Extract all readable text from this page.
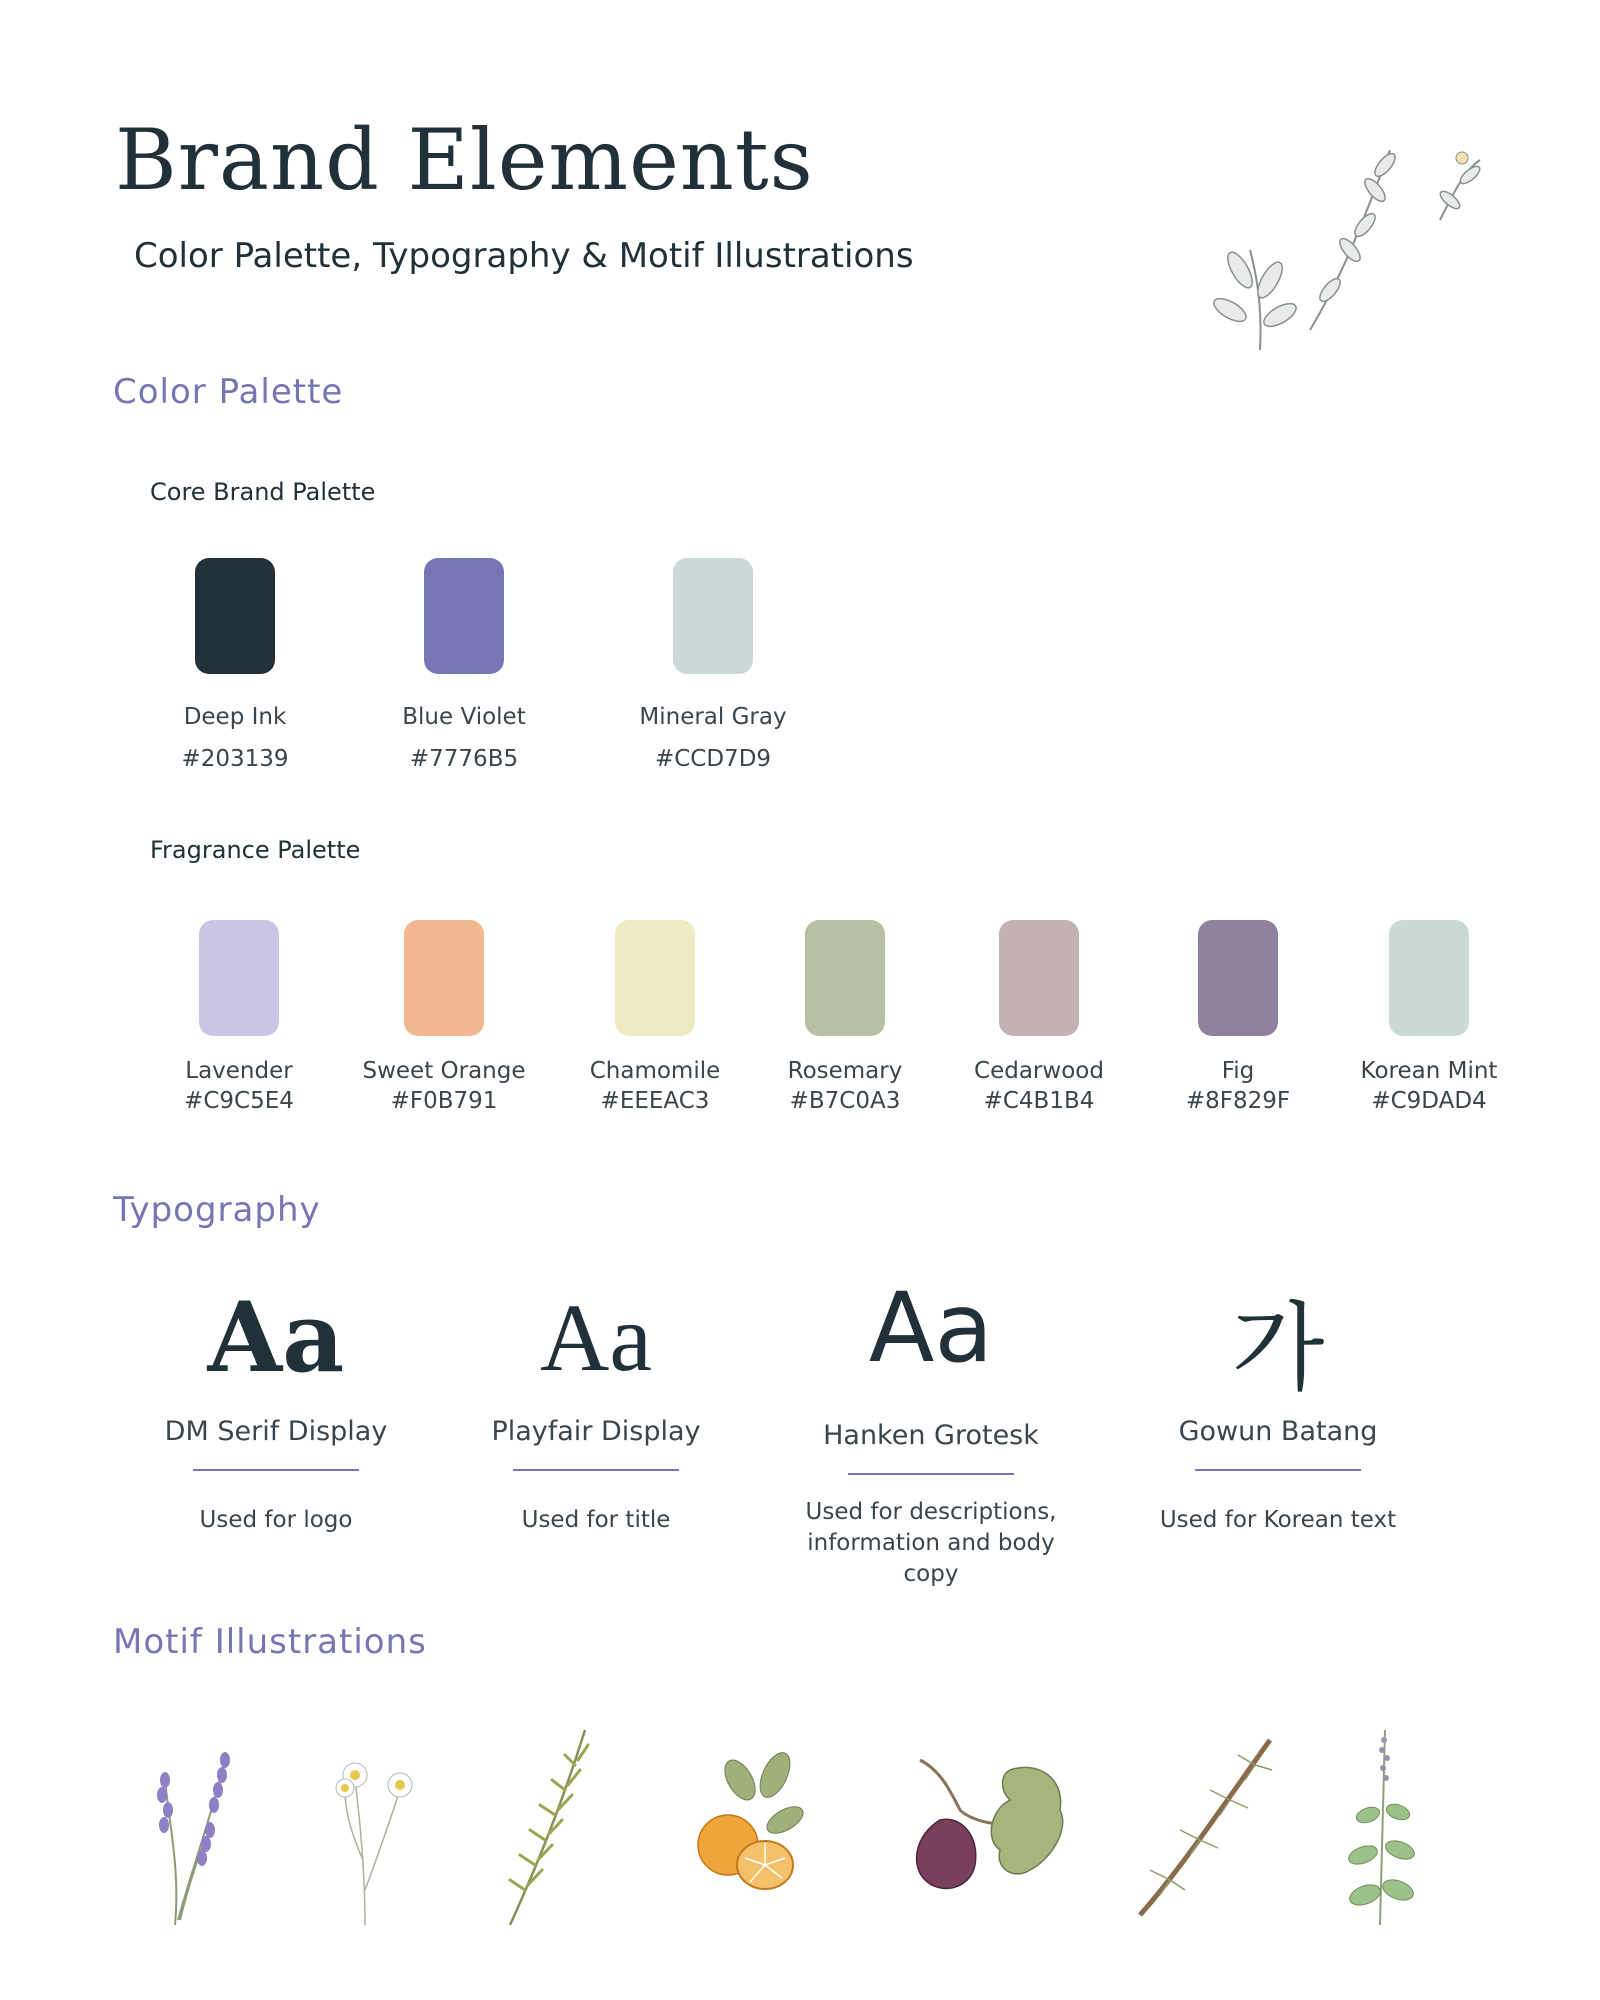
Brand Elements
Color Palette, Typography & Motif Illustrations
Color Palette
Core Brand Palette
Deep Ink
#203139
Blue Violet
#7776B5
Mineral Gray
#CCD7D9
Fragrance Palette
Lavender
#C9C5E4
Sweet Orange
#F0B791
Chamomile
#EEEAC3
Rosemary
#B7C0A3
Cedarwood
#C4B1B4
Fig
#8F829F
Korean Mint
#C9DAD4
Typography
Aa
DM Serif Display
Used for logo
Aa
Playfair Display
Used for title
Aa
Hanken Grotesk
Used for descriptions, information and body copy
가
Gowun Batang
Used for Korean text
Motif Illustrations
